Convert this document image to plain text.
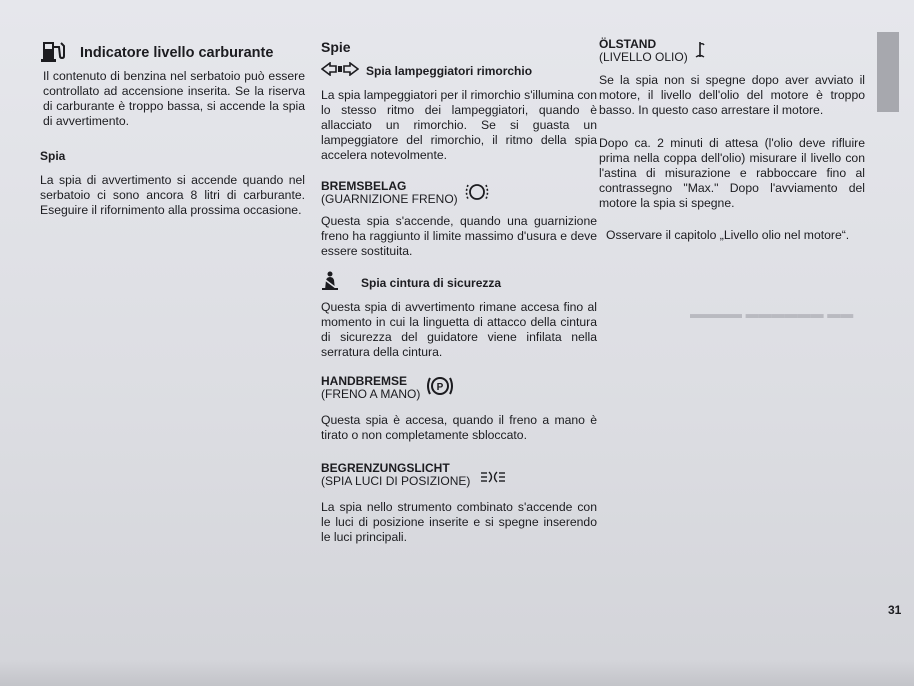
▬▬▬▬ ▬▬▬▬▬▬ ▬▬
Indicatore livello carburante

Il contenuto di benzina nel serbatoio può essere controllato ad accensione inserita. Se la riserva di carburante è troppo bassa, si accende la spia di avvertimento.

Spia

La spia di avvertimento si accende quando nel serbatoio ci sono ancora 8 litri di carburante. Eseguire il rifornimento alla prossima occasione.

Spie
Spia lampeggiatori rimorchio

La spia lampeggiatori per il rimorchio s'illumina con lo stesso ritmo dei lampeggiatori, quando è allacciato un rimorchio. Se si guasta un lampeggiatore del rimorchio, il ritmo della spia accelera notevolmente.

BREMSBELAG
(GUARNIZIONE FRENO)

Questa spia s'accende, quando una guarnizione freno ha raggiunto il limite massimo d'usura e deve essere sostituita.

Spia cintura di sicurezza

Questa spia di avvertimento rimane accesa fino al momento in cui la linguetta di attacco della cintura di sicurezza del guidatore viene infilata nella serratura della cintura.

HANDBREMSE
(FRENO A MANO) P

Questa spia è accesa, quando il freno a mano è tirato o non completamente sbloccato.

BEGRENZUNGSLICHT
(SPIA LUCI DI POSIZIONE)

La spia nello strumento combinato s'accende con le luci di posizione inserite e si spegne inserendo le luci principali.

ÖLSTAND
(LIVELLO OLIO)

Se la spia non si spegne dopo aver avviato il motore, il livello dell'olio del motore è troppo basso. In questo caso arrestare il motore.

Dopo ca. 2 minuti di attesa (l'olio deve rifluire prima nella coppa dell'olio) misurare il livello con l'astina di misurazione e rabboccare fino al contrassegno "Max." Dopo l'avviamento del motore la spia si spegne.

Osservare il capitolo „Livello olio nel motore“.

31
